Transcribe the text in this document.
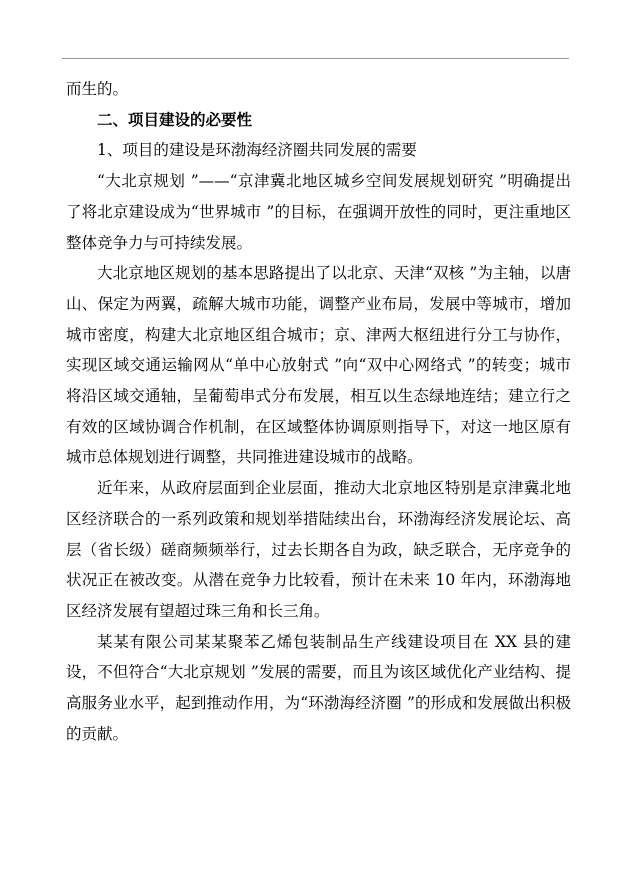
而生的。

二、项目建设的必要性

1、项目的建设是环渤海经济圈共同发展的需要

“大北京规划 ”——“京津冀北地区城乡空间发展规划研究 ”明确提出了将北京建设成为“世界城市 ”的目标，在强调开放性的同时，更注重地区整体竞争力与可持续发展。

大北京地区规划的基本思路提出了以北京、天津“双核 ”为主轴，以唐山、保定为两翼，疏解大城市功能，调整产业布局，发展中等城市，增加城市密度，构建大北京地区组合城市；京、津两大枢纽进行分工与协作，实现区域交通运输网从“单中心放射式 ”向“双中心网络式 ”的转变；城市将沿区域交通轴，呈葡萄串式分布发展，相互以生态绿地连结；建立行之有效的区域协调合作机制，在区域整体协调原则指导下，对这一地区原有城市总体规划进行调整，共同推进建设城市的战略。

近年来，从政府层面到企业层面，推动大北京地区特别是京津冀北地区经济联合的一系列政策和规划举措陆续出台，环渤海经济发展论坛、高层（省长级）磋商频频举行，过去长期各自为政，缺乏联合，无序竞争的状况正在被改变。从潜在竞争力比较看，预计在未来 10 年内，环渤海地区经济发展有望超过珠三角和长三角。

某某有限公司某某聚苯乙烯包装制品生产线建设项目在 XX 县的建设，不但符合“大北京规划 ”发展的需要，而且为该区域优化产业结构、提高服务业水平，起到推动作用，为“环渤海经济圈 ”的形成和发展做出积极的贡献。
